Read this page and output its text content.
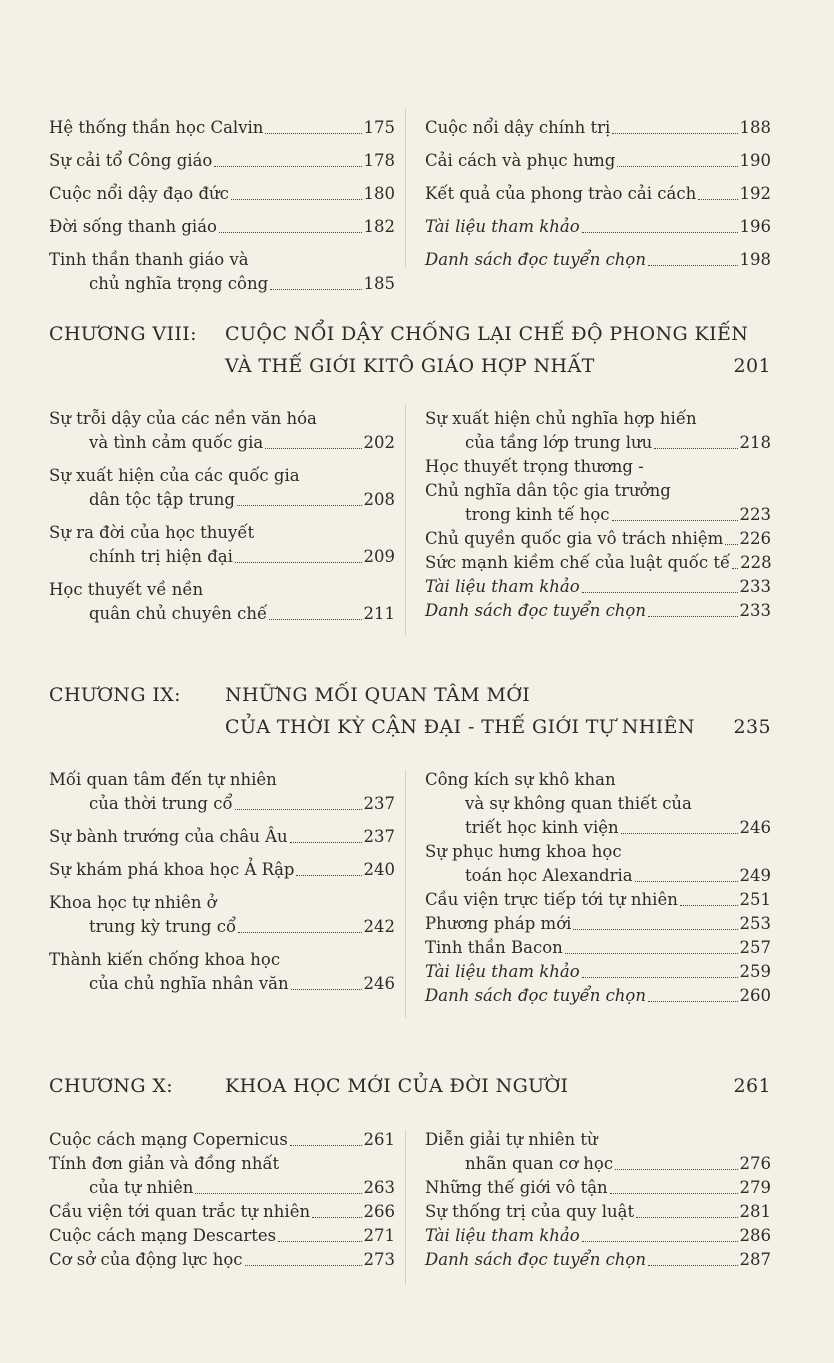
Hệ thống thần học Calvin	175
Sự cải tổ Công giáo	178
Cuộc nổi dậy đạo đức	180
Đời sống thanh giáo	182
Tinh thần thanh giáo và
chủ nghĩa trọng công	185
Cuộc nổi dậy chính trị	188
Cải cách và phục hưng	190
Kết quả của phong trào cải cách	192
Tài liệu tham khảo	196
Danh sách đọc tuyển chọn	198
CHƯƠNG VIII:	CUỘC NỔI DẬY CHỐNG LẠI CHẾ ĐỘ PHONG KIẾN
VÀ THẾ GIỚI KITÔ GIÁO HỢP NHẤT	201
Sự trỗi dậy của các nền văn hóa
và tình cảm quốc gia	202
Sự xuất hiện của các quốc gia
dân tộc tập trung	208
Sự ra đời của học thuyết
chính trị hiện đại	209
Học thuyết về nền
quân chủ chuyên chế	211
Sự xuất hiện chủ nghĩa hợp hiến
của tầng lớp trung lưu	218
Học thuyết trọng thương -
Chủ nghĩa dân tộc gia trưởng
trong kinh tế học	223
Chủ quyền quốc gia vô trách nhiệm 226
Sức mạnh kiềm chế của luật quốc tế 228
Tài liệu tham khảo	233
Danh sách đọc tuyển chọn	233
CHƯƠNG IX:	NHỮNG MỐI QUAN TÂM MỚI
CỦA THỜI KỲ CẬN ĐẠI - THẾ GIỚI TỰ NHIÊN	235
Mối quan tâm đến tự nhiên
của thời trung cổ	237
Sự bành trướng của châu Âu	237
Sự khám phá khoa học Ả Rập	240
Khoa học tự nhiên ở
trung kỳ trung cổ	242
Thành kiến chống khoa học
của chủ nghĩa nhân văn	246
Công kích sự khô khan
và sự không quan thiết của
triết học kinh viện	246
Sự phục hưng khoa học
toán học Alexandria	249
Cầu viện trực tiếp tới tự nhiên	251
Phương pháp mới	253
Tinh thần Bacon	257
Tài liệu tham khảo	259
Danh sách đọc tuyển chọn	260
CHƯƠNG X:	KHOA HỌC MỚI CỦA ĐỜI NGƯỜI	261
Cuộc cách mạng Copernicus	261
Tính đơn giản và đồng nhất
của tự nhiên	263
Cầu viện tới quan trắc tự nhiên	266
Cuộc cách mạng Descartes	271
Cơ sở của động lực học	273
Diễn giải tự nhiên từ
nhãn quan cơ học	276
Những thế giới vô tận	279
Sự thống trị của quy luật	281
Tài liệu tham khảo	286
Danh sách đọc tuyển chọn	287
